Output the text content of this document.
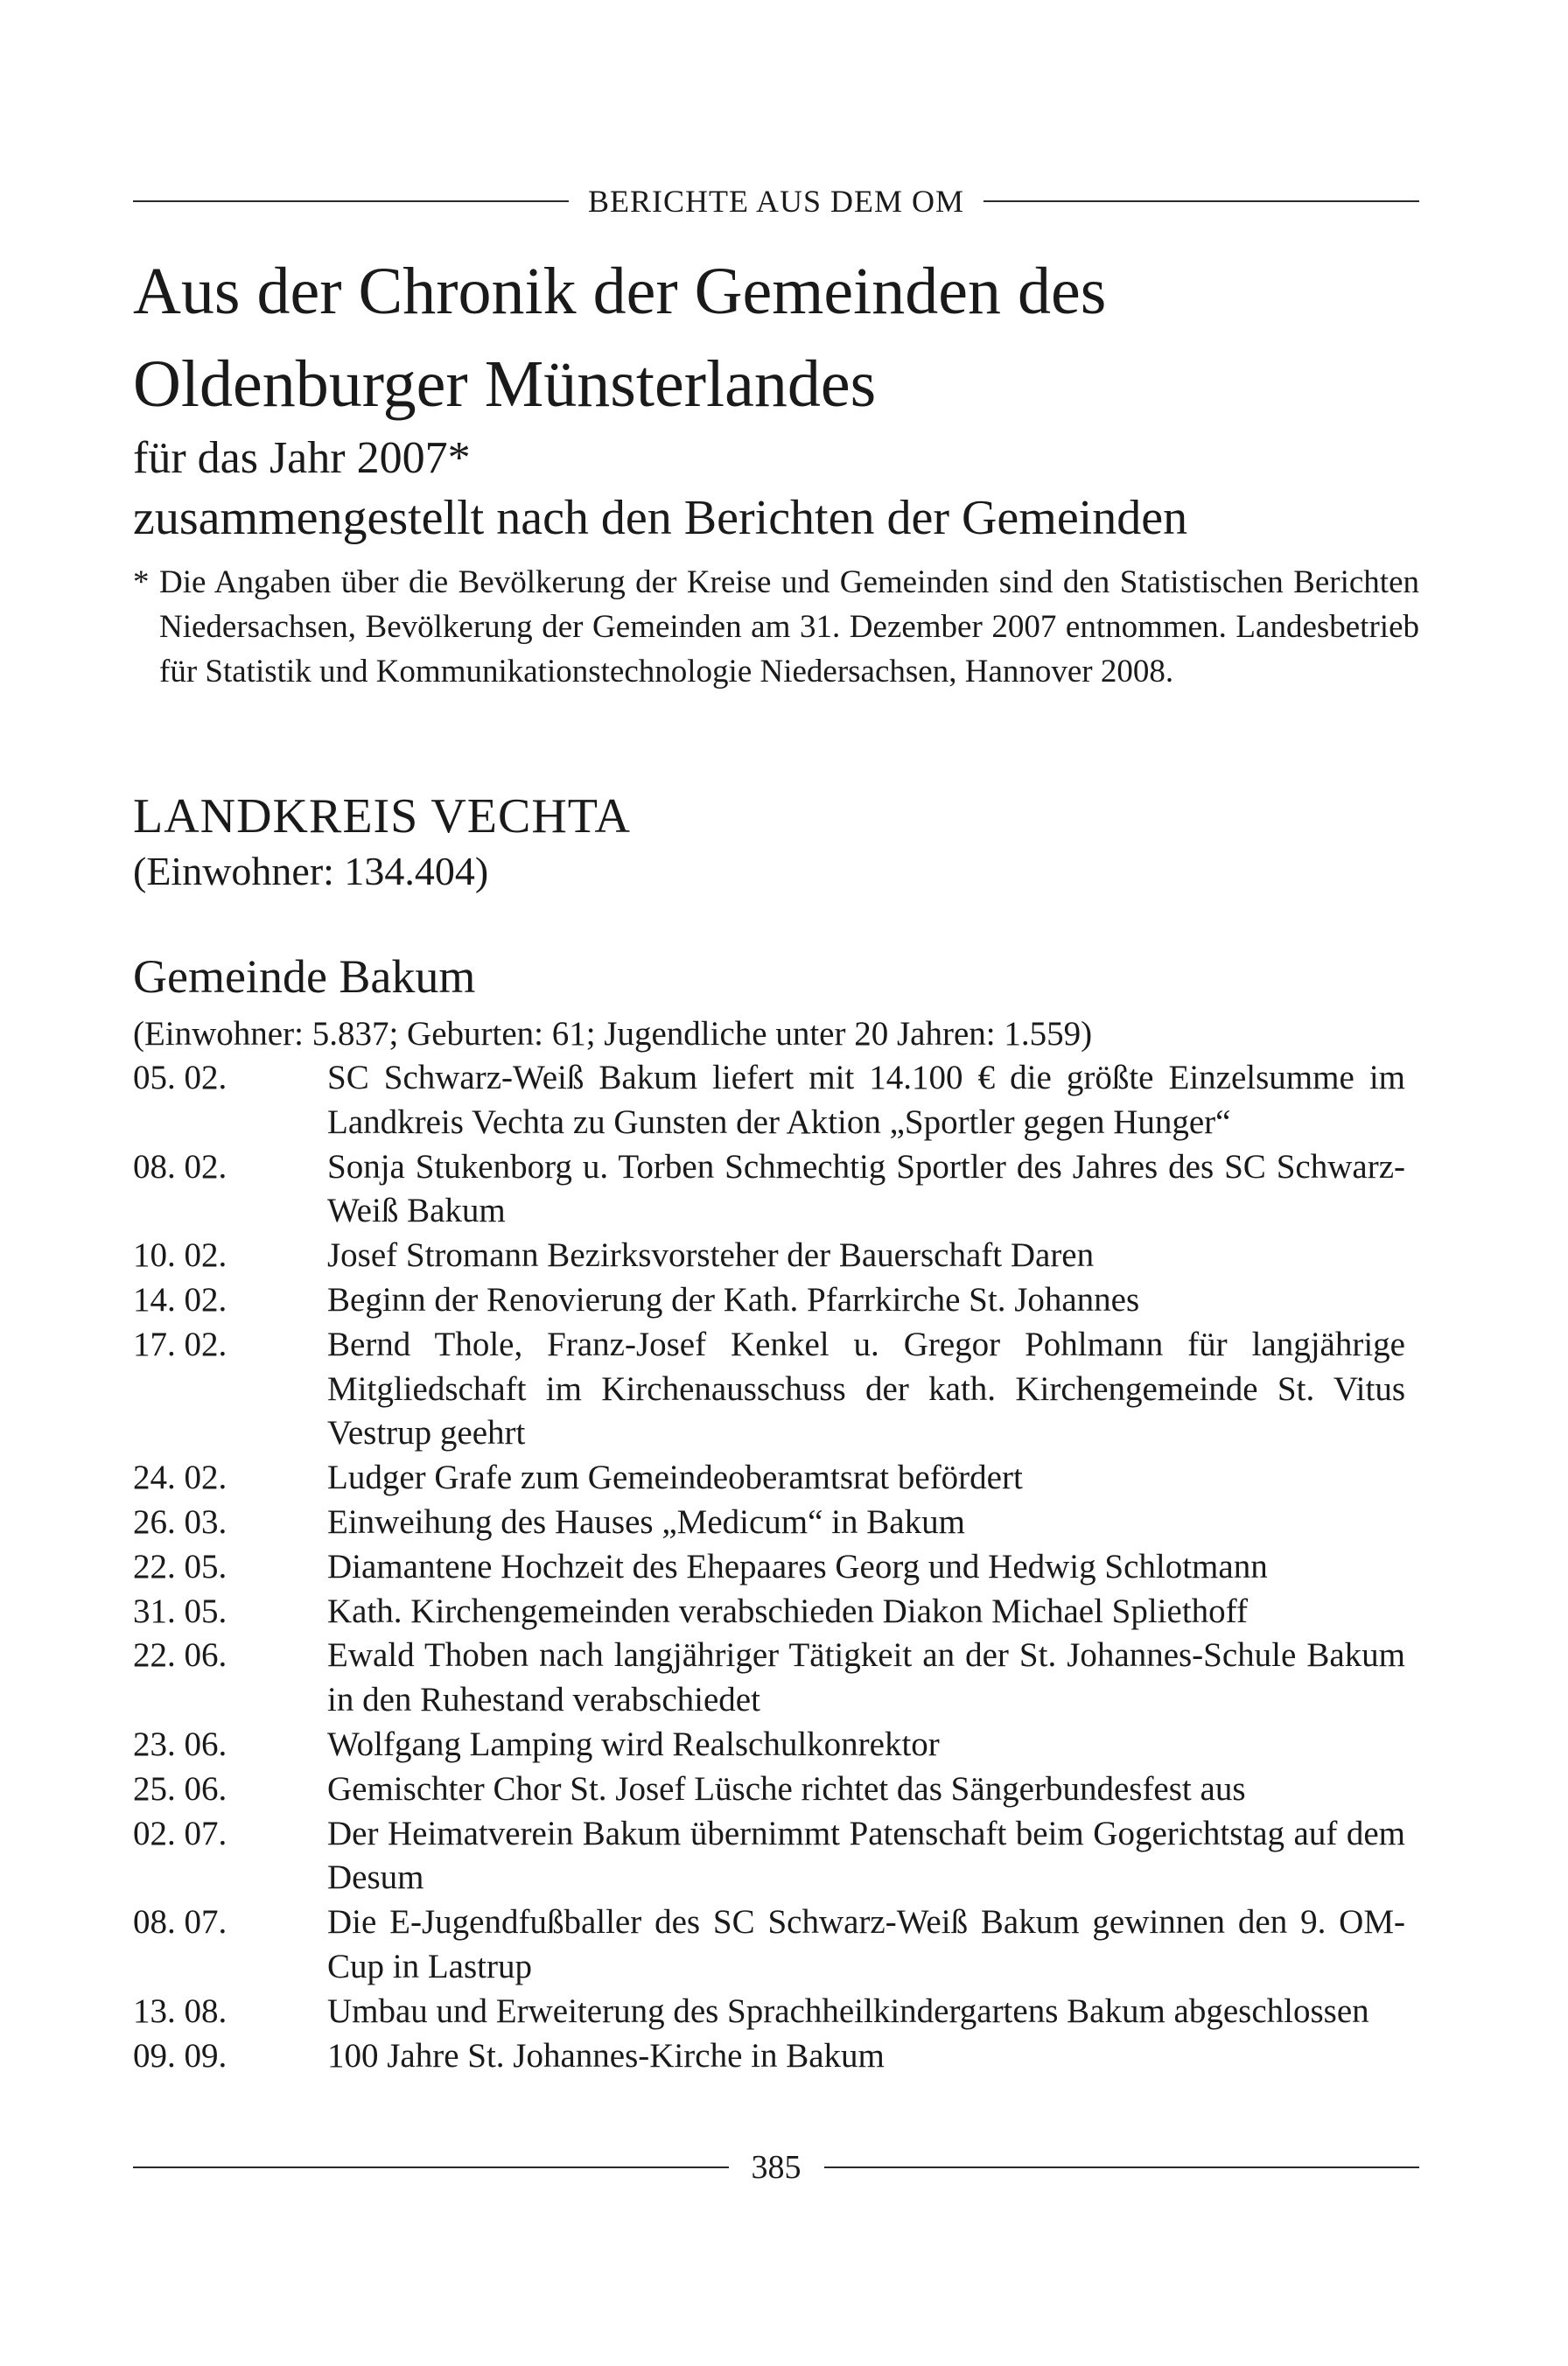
BERICHTE AUS DEM OM
Aus der Chronik der Gemeinden des
Oldenburger Münsterlandes
für das Jahr 2007*
zusammengestellt nach den Berichten der Gemeinden
* Die Angaben über die Bevölkerung der Kreise und Gemeinden sind den Statistischen Berichten Niedersachsen, Bevölkerung der Gemeinden am 31. Dezember 2007 entnommen. Landesbetrieb für Statistik und Kommunikationstechnologie Niedersachsen, Hannover 2008.
LANDKREIS VECHTA
(Einwohner: 134.404)
Gemeinde Bakum
(Einwohner: 5.837; Geburten: 61; Jugendliche unter 20 Jahren: 1.559)
05. 02.	SC Schwarz-Weiß Bakum liefert mit 14.100 € die größte Einzelsumme im Landkreis Vechta zu Gunsten der Aktion „Sportler gegen Hunger“
08. 02.	Sonja Stukenborg u. Torben Schmechtig Sportler des Jahres des SC Schwarz-Weiß Bakum
10. 02.	Josef Stromann Bezirksvorsteher der Bauerschaft Daren
14. 02.	Beginn der Renovierung der Kath. Pfarrkirche St. Johannes
17. 02.	Bernd Thole, Franz-Josef Kenkel u. Gregor Pohlmann für langjährige Mitgliedschaft im Kirchenausschuss der kath. Kirchengemeinde St. Vitus Vestrup geehrt
24. 02.	Ludger Grafe zum Gemeindeoberamtsrat befördert
26. 03.	Einweihung des Hauses „Medicum“ in Bakum
22. 05.	Diamantene Hochzeit des Ehepaares Georg und Hedwig Schlotmann
31. 05.	Kath. Kirchengemeinden verabschieden Diakon Michael Spliethoff
22. 06.	Ewald Thoben nach langjähriger Tätigkeit an der St. Johannes-Schule Bakum in den Ruhestand verabschiedet
23. 06.	Wolfgang Lamping wird Realschulkonrektor
25. 06.	Gemischter Chor St. Josef Lüsche richtet das Sängerbundesfest aus
02. 07.	Der Heimatverein Bakum übernimmt Patenschaft beim Gogerichtstag auf dem Desum
08. 07.	Die E-Jugendfußballer des SC Schwarz-Weiß Bakum gewinnen den 9. OM-Cup in Lastrup
13. 08.	Umbau und Erweiterung des Sprachheilkindergartens Bakum abgeschlossen
09. 09.	100 Jahre St. Johannes-Kirche in Bakum
385
